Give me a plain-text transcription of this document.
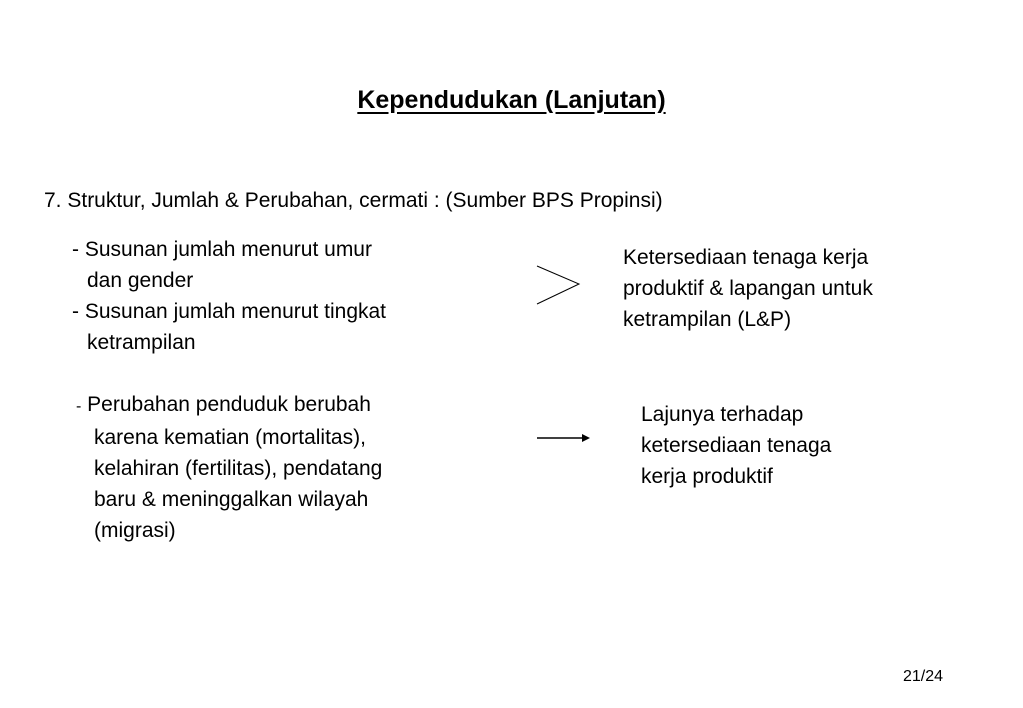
Kependudukan (Lanjutan)
7. Struktur, Jumlah & Perubahan, cermati : (Sumber BPS Propinsi)
- Susunan jumlah menurut umur
dan gender
- Susunan jumlah menurut tingkat
ketrampilan
Ketersediaan tenaga kerja
produktif & lapangan untuk
ketrampilan (L&P)
- Perubahan penduduk berubah
karena kematian (mortalitas),
kelahiran (fertilitas), pendatang
baru & meninggalkan wilayah
(migrasi)
Lajunya terhadap
ketersediaan tenaga
kerja produktif
21/24
